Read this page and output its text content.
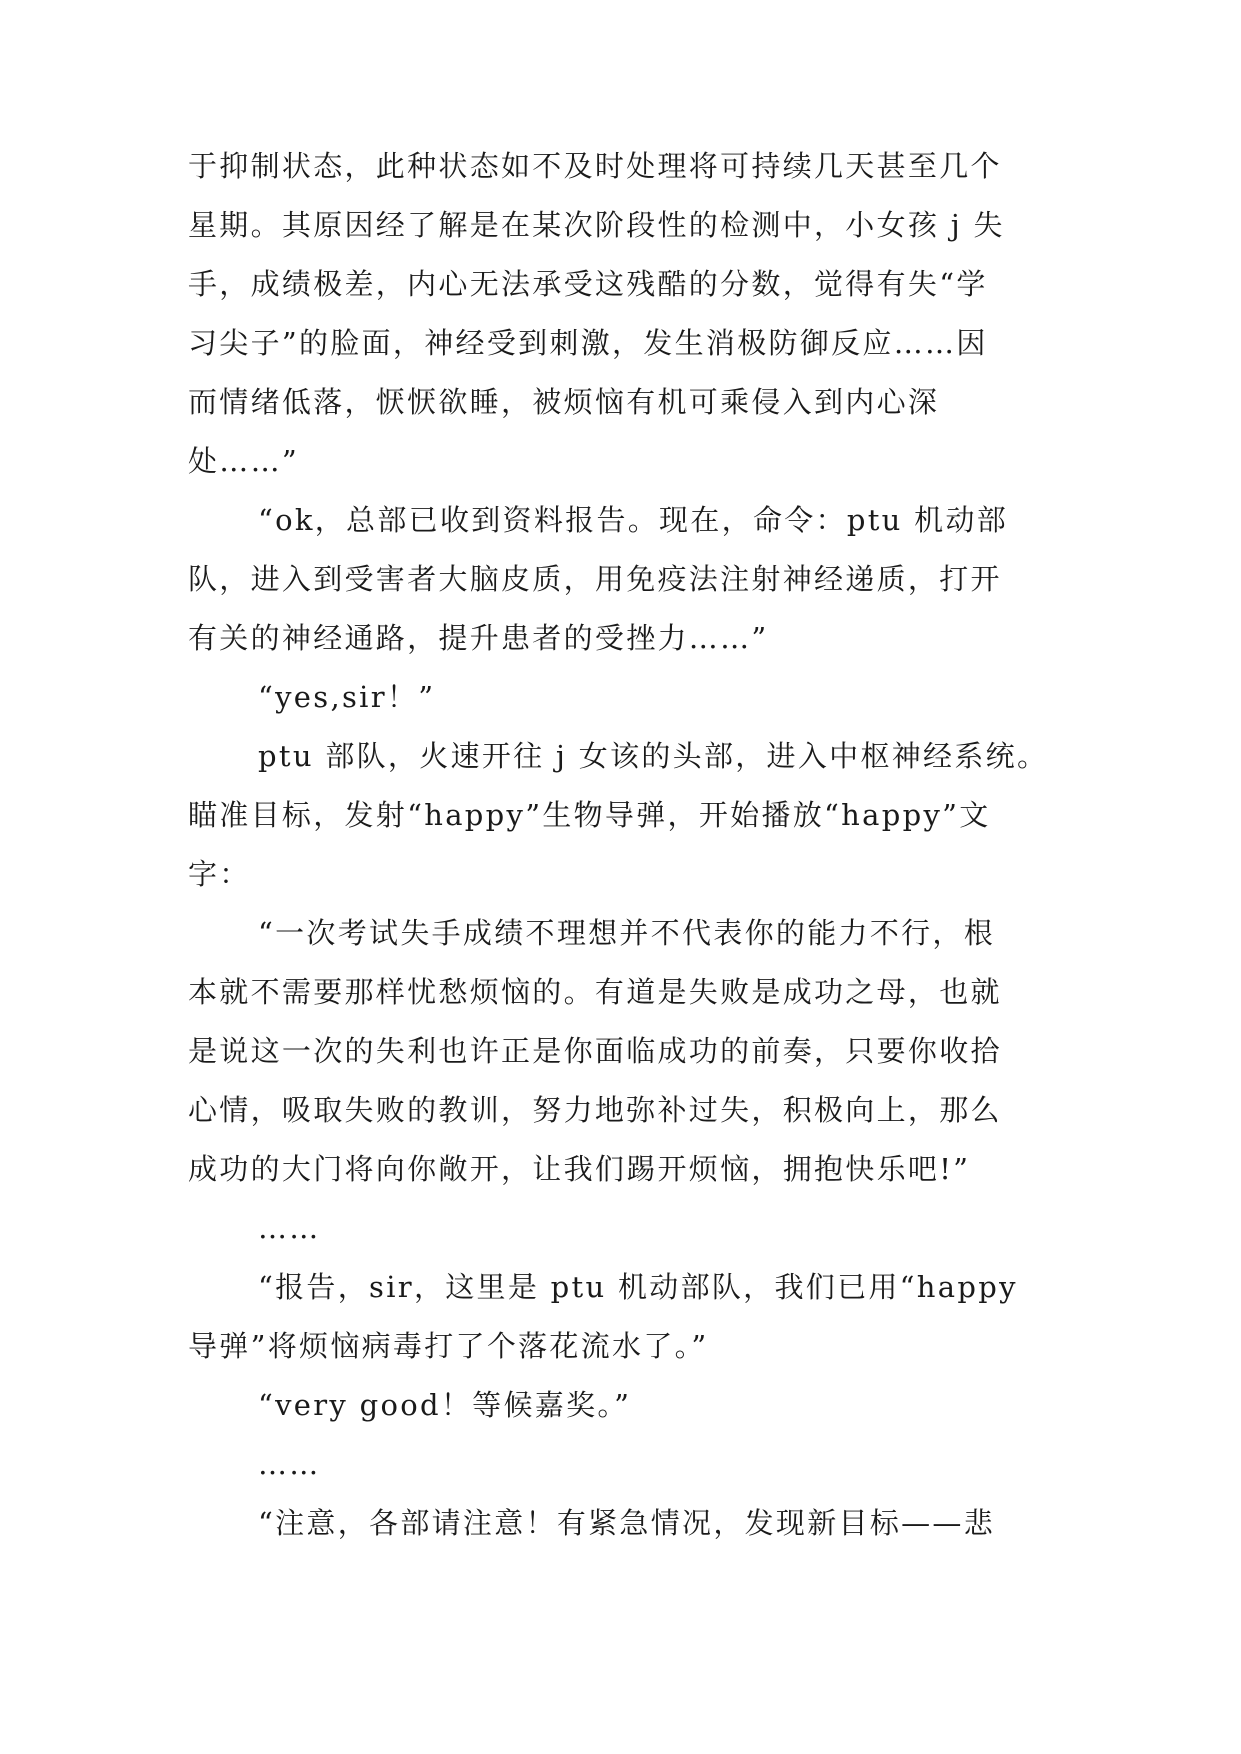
于抑制状态，此种状态如不及时处理将可持续几天甚至几个
星期。其原因经了解是在某次阶段性的检测中，小女孩 j 失
手，成绩极差，内心无法承受这残酷的分数，觉得有失“学
习尖子”的脸面，神经受到刺激，发生消极防御反应……因
而情绪低落，恹恹欲睡，被烦恼有机可乘侵入到内心深
处……”
“ok，总部已收到资料报告。现在，命令：ptu 机动部
队，进入到受害者大脑皮质，用免疫法注射神经递质，打开
有关的神经通路，提升患者的受挫力……”
“yes,sir！”
ptu 部队，火速开往 j 女该的头部，进入中枢神经系统。
瞄准目标，发射“happy”生物导弹，开始播放“happy”文
字：
“一次考试失手成绩不理想并不代表你的能力不行，根
本就不需要那样忧愁烦恼的。有道是失败是成功之母，也就
是说这一次的失利也许正是你面临成功的前奏，只要你收拾
心情，吸取失败的教训，努力地弥补过失，积极向上，那么
成功的大门将向你敞开，让我们踢开烦恼，拥抱快乐吧!”
……
“报告，sir，这里是 ptu 机动部队，我们已用“happy
导弹”将烦恼病毒打了个落花流水了。”
“very good！等候嘉奖。”
……
“注意，各部请注意！有紧急情况，发现新目标——悲
